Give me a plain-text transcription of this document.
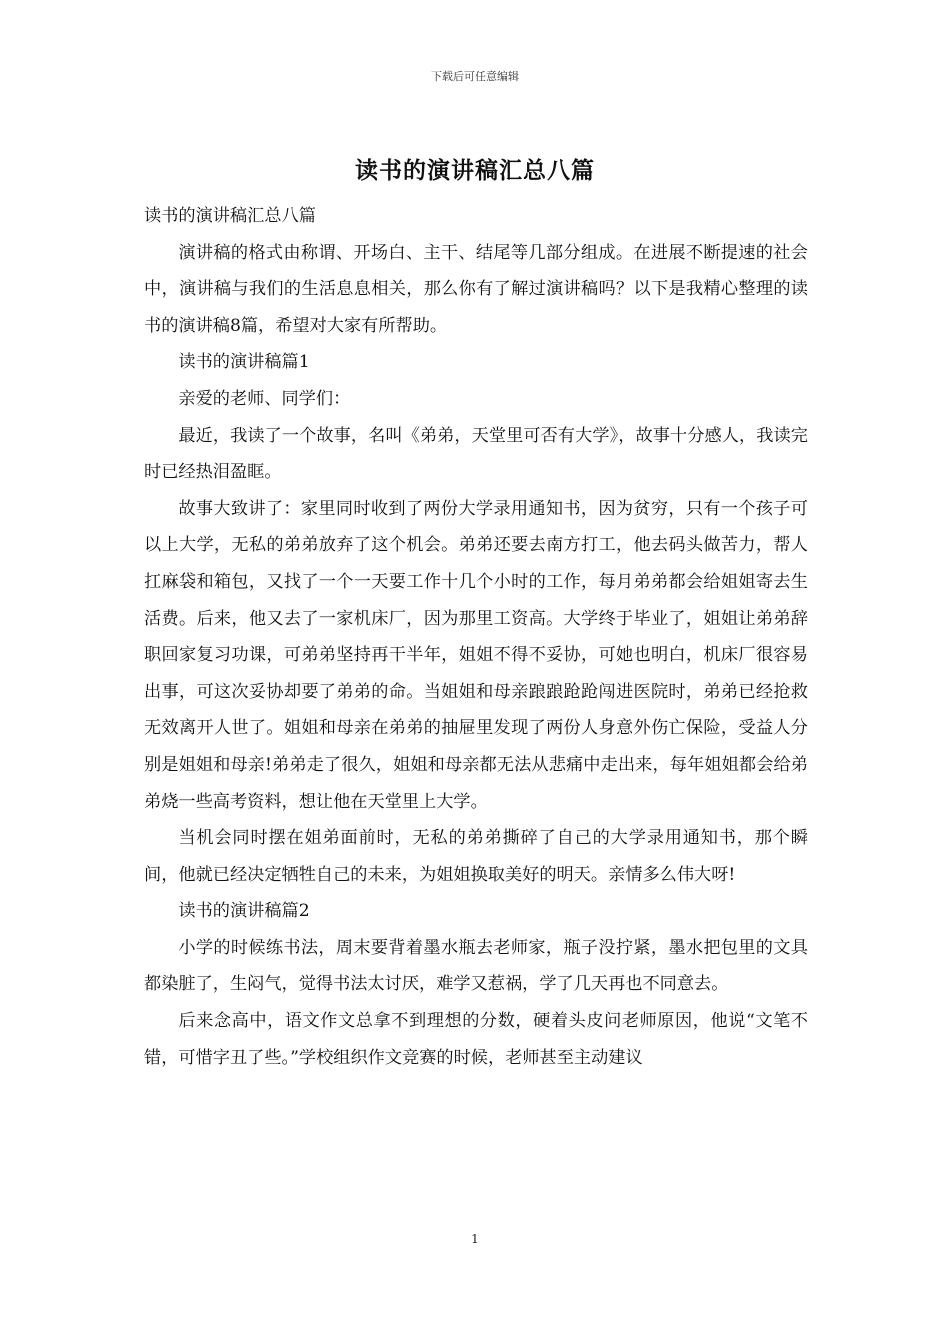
下载后可任意编辑
读书的演讲稿汇总八篇

读书的演讲稿汇总八篇

演讲稿的格式由称谓、开场白、主干、结尾等几部分组成。在进展不断提速的社会中，演讲稿与我们的生活息息相关，那么你有了解过演讲稿吗？以下是我精心整理的读书的演讲稿8篇，希望对大家有所帮助。

读书的演讲稿篇1

亲爱的老师、同学们：

最近，我读了一个故事，名叫《弟弟，天堂里可否有大学》，故事十分感人，我读完时已经热泪盈眶。

故事大致讲了：家里同时收到了两份大学录用通知书，因为贫穷，只有一个孩子可以上大学，无私的弟弟放弃了这个机会。弟弟还要去南方打工，他去码头做苦力，帮人扛麻袋和箱包，又找了一个一天要工作十几个小时的工作，每月弟弟都会给姐姐寄去生活费。后来，他又去了一家机床厂，因为那里工资高。大学终于毕业了，姐姐让弟弟辞职回家复习功课，可弟弟坚持再干半年，姐姐不得不妥协，可她也明白，机床厂很容易出事，可这次妥协却要了弟弟的命。当姐姐和母亲踉踉跄跄闯进医院时，弟弟已经抢救无效离开人世了。姐姐和母亲在弟弟的抽屉里发现了两份人身意外伤亡保险，受益人分别是姐姐和母亲!弟弟走了很久，姐姐和母亲都无法从悲痛中走出来，每年姐姐都会给弟弟烧一些高考资料，想让他在天堂里上大学。

当机会同时摆在姐弟面前时，无私的弟弟撕碎了自己的大学录用通知书，那个瞬间，他就已经决定牺牲自己的未来，为姐姐换取美好的明天。亲情多么伟大呀!

读书的演讲稿篇2

小学的时候练书法，周末要背着墨水瓶去老师家，瓶子没拧紧，墨水把包里的文具都染脏了，生闷气，觉得书法太讨厌，难学又惹祸，学了几天再也不同意去。

后来念高中，语文作文总拿不到理想的分数，硬着头皮问老师原因，他说“文笔不错，可惜字丑了些。”学校组织作文竞赛的时候，老师甚至主动建议

1
